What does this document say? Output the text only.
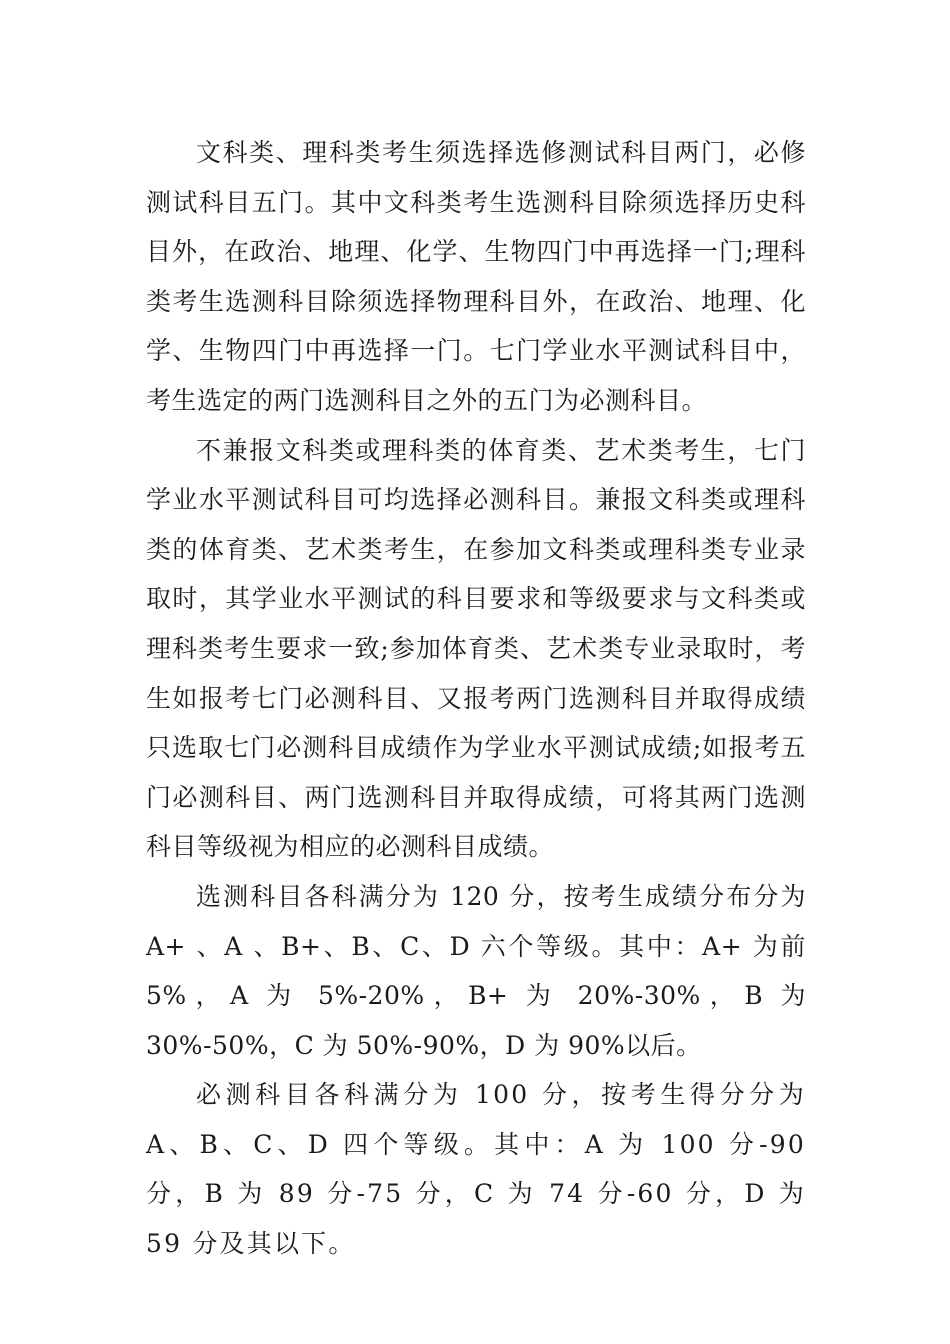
文科类、理科类考生须选择选修测试科目两门，必修测试科目五门。其中文科类考生选测科目除须选择历史科目外，在政治、地理、化学、生物四门中再选择一门;理科类考生选测科目除须选择物理科目外，在政治、地理、化学、生物四门中再选择一门。七门学业水平测试科目中，考生选定的两门选测科目之外的五门为必测科目。

不兼报文科类或理科类的体育类、艺术类考生，七门学业水平测试科目可均选择必测科目。兼报文科类或理科类的体育类、艺术类考生，在参加文科类或理科类专业录取时，其学业水平测试的科目要求和等级要求与文科类或理科类考生要求一致;参加体育类、艺术类专业录取时，考生如报考七门必测科目、又报考两门选测科目并取得成绩只选取七门必测科目成绩作为学业水平测试成绩;如报考五门必测科目、两门选测科目并取得成绩，可将其两门选测科目等级视为相应的必测科目成绩。

选测科目各科满分为 120 分，按考生成绩分布分为 A+ 、A 、B+、B、C、D 六个等级。其中：A+ 为前 5%，A 为 5%-20%，B+ 为 20%-30%，B 为 30%-50%，C 为 50%-90%，D 为 90%以后。

必测科目各科满分为 100 分，按考生得分分为 A、B、C、D 四个等级。其中：A 为 100 分-90 分，B 为 89 分-75 分，C 为 74 分-60 分，D 为 59 分及其以下。
